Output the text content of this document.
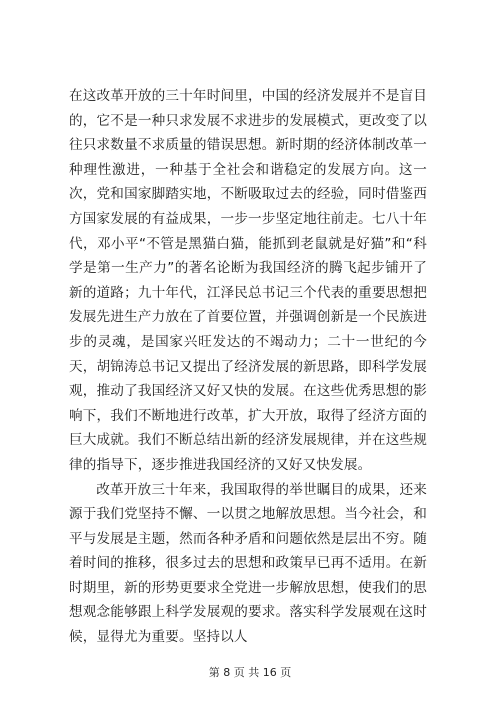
在这改革开放的三十年时间里，中国的经济发展并不是盲目的，它不是一种只求发展不求进步的发展模式，更改变了以往只求数量不求质量的错误思想。新时期的经济体制改革一种理性激进，一种基于全社会和谐稳定的发展方向。这一次，党和国家脚踏实地，不断吸取过去的经验，同时借鉴西方国家发展的有益成果，一步一步坚定地往前走。七八十年代，邓小平“不管是黑猫白猫，能抓到老鼠就是好猫”和“科学是第一生产力”的著名论断为我国经济的腾飞起步铺开了新的道路；九十年代，江泽民总书记三个代表的重要思想把发展先进生产力放在了首要位置，并强调创新是一个民族进步的灵魂，是国家兴旺发达的不竭动力；二十一世纪的今天，胡锦涛总书记又提出了经济发展的新思路，即科学发展观，推动了我国经济又好又快的发展。在这些优秀思想的影响下，我们不断地进行改革，扩大开放，取得了经济方面的巨大成就。我们不断总结出新的经济发展规律，并在这些规律的指导下，逐步推进我国经济的又好又快发展。

改革开放三十年来，我国取得的举世瞩目的成果，还来源于我们党坚持不懈、一以贯之地解放思想。当今社会，和平与发展是主题，然而各种矛盾和问题依然是层出不穷。随着时间的推移，很多过去的思想和政策早已再不适用。在新时期里，新的形势更要求全党进一步解放思想，使我们的思想观念能够跟上科学发展观的要求。落实科学发展观在这时候，显得尤为重要。坚持以人

第 8 页 共 16 页
